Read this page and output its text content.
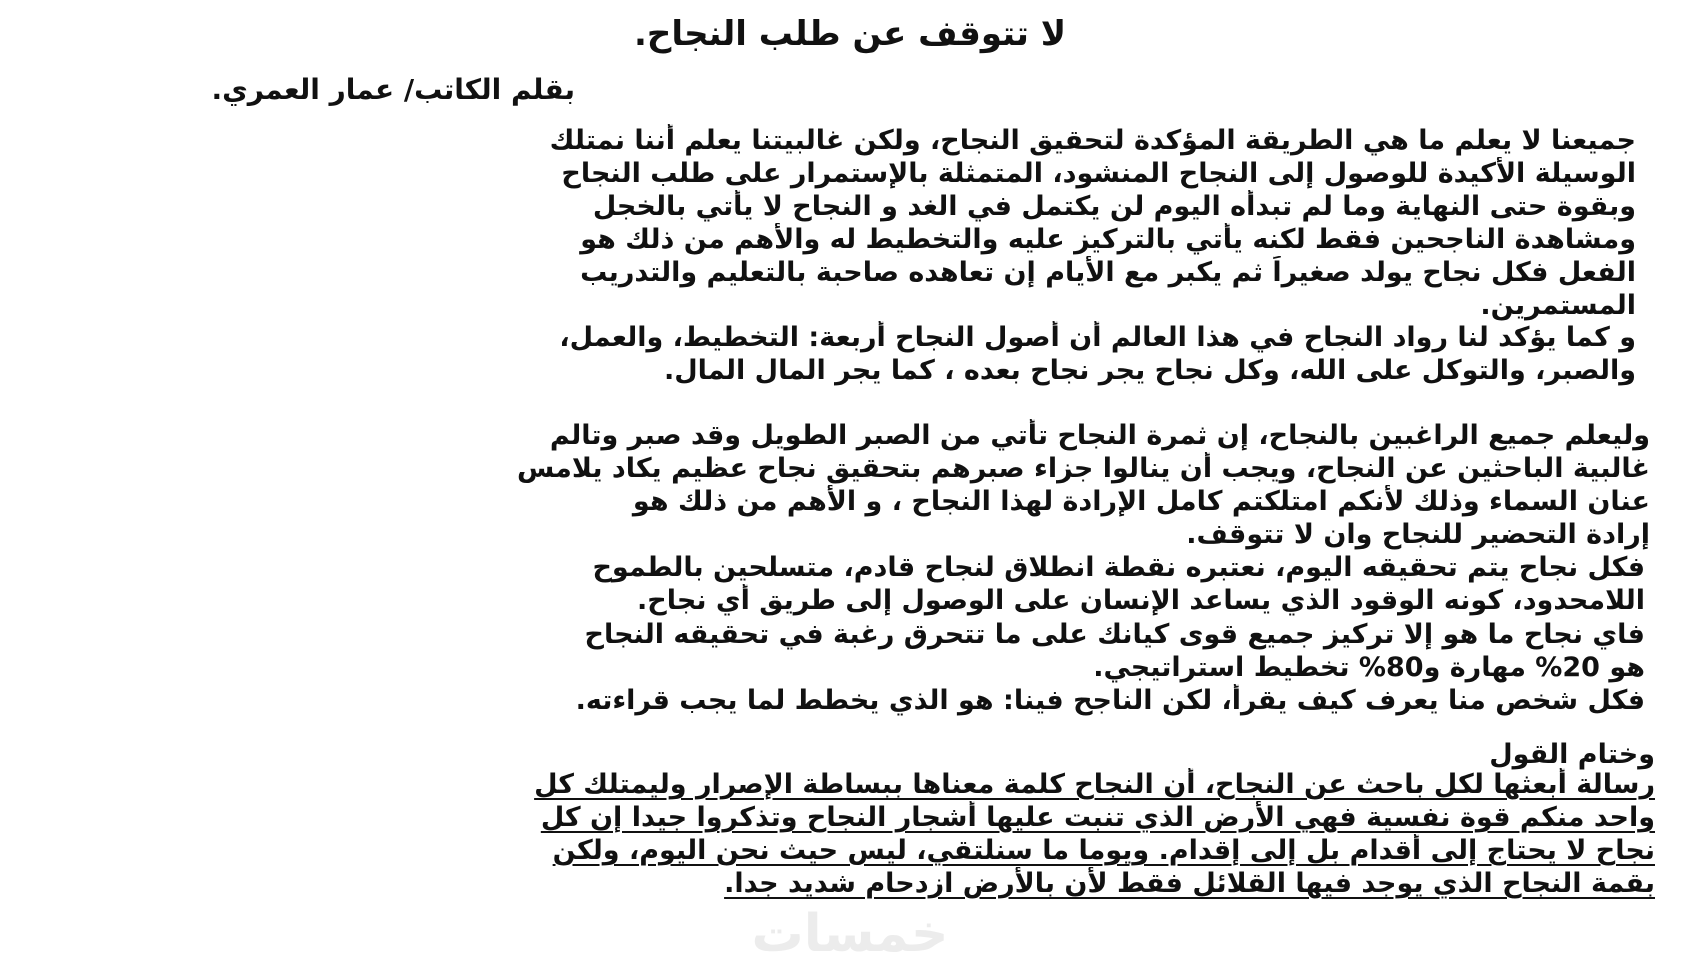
لا تتوقف عن طلب النجاح.
بقلم الكاتب/ عمار العمري.
جميعنا لا يعلم ما هي الطريقة المؤكدة لتحقيق النجاح، ولكن غالبيتنا يعلم أننا نمتلك
الوسيلة الأكيدة للوصول إلى النجاح المنشود، المتمثلة بالإستمرار على طلب النجاح
وبقوة حتى النهاية وما لم تبدأه اليوم لن يكتمل في الغد و النجاح لا يأتي بالخجل
ومشاهدة الناجحين فقط لكنه يأتي بالتركيز عليه والتخطيط له والأهم من ذلك هو
الفعل فكل نجاح يولد صغيراً ثم يكبر مع الأيام إن تعاهده صاحبة بالتعليم والتدريب
المستمرين.
و كما يؤكد لنا رواد النجاح في هذا العالم أن أصول النجاح أربعة: التخطيط، والعمل،
والصبر، والتوكل على الله، وكل نجاح يجر نجاح بعده ، كما يجر المال المال.
وليعلم جميع الراغبين بالنجاح، إن ثمرة النجاح تأتي من الصبر الطويل وقد صبر وتالم
غالبية الباحثين عن النجاح، ويجب أن ينالوا جزاء صبرهم بتحقيق نجاح عظيم يكاد يلامس
عنان السماء وذلك لأنكم امتلكتم كامل الإرادة لهذا النجاح ، و الأهم من ذلك هو
إرادة التحضير للنجاح وان لا تتوقف.
فكل نجاح يتم تحقيقه اليوم، نعتبره نقطة انطلاق لنجاح قادم، متسلحين بالطموح
اللامحدود، كونه الوقود الذي يساعد الإنسان على الوصول إلى طريق أي نجاح.
فاي نجاح ما هو إلا تركيز جميع قوى كيانك على ما تتحرق رغبة في تحقيقه النجاح
هو 20% مهارة و80% تخطيط استراتيجي.
فكل شخص منا يعرف كيف يقرأ، لكن الناجح فينا: هو الذي يخطط لما يجب قراءته.
وختام القول
رسالة أبعثها لكل باحث عن النجاح، أن النجاح كلمة معناها ببساطة الإصرار وليمتلك كل
واحد منكم قوة نفسية فهي الأرض الذي تنبت عليها أشجار النجاح وتذكروا جيدا إن كل
نجاح لا يحتاج إلى أقدام بل إلى إقدام. ويوما ما سنلتقي، ليس حيث نحن اليوم، ولكن
بقمة النجاح الذي يوجد فيها القلائل فقط لأن بالأرض ازدحام شديد جدا.
خمسات
